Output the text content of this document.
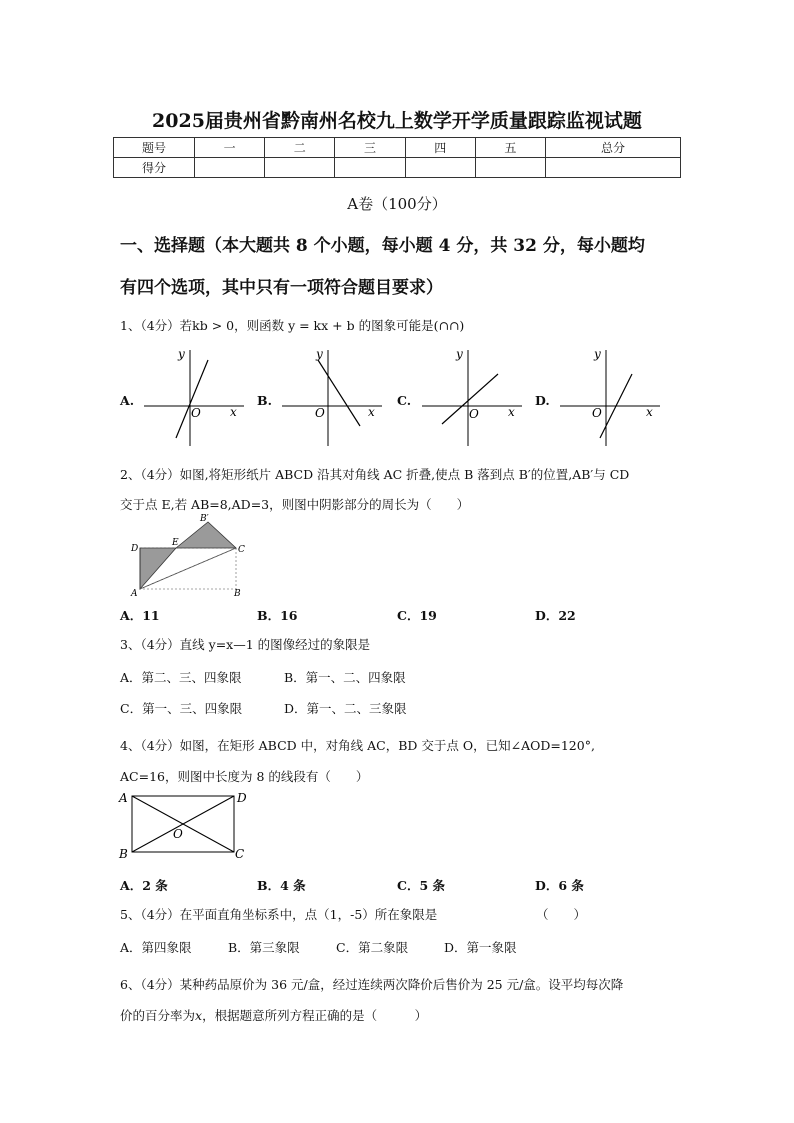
2025届贵州省黔南州名校九上数学开学质量跟踪监视试题
题号	一	二	三	四	五	总分
得分						
A卷（100分）
一、选择题（本大题共 8 个小题，每小题 4 分，共 32 分，每小题均
有四个选项，其中只有一项符合题目要求）
1、（4分）若kb > 0，则函数 y = kx + b 的图象可能是(∩∩)
A.	B.	C.	D.
y
x
O
y
x
O
y
x
O
y
x
O
2、（4分）如图,将矩形纸片 ABCD 沿其对角线 AC 折叠,使点 B 落到点 B′的位置,AB′与 CD
交于点 E,若 AB=8,AD=3，则图中阴影部分的周长为（　　）
D
E
B′
C
A	B
A．11	B．16	C．19	D．22
3、（4分）直线 y=x—1 的图像经过的象限是
A．第二、三、四象限	B．第一、二、四象限
C．第一、三、四象限	D．第一、二、三象限
4、（4分）如图，在矩形 ABCD 中，对角线 AC，BD 交于点 O，已知∠AOD=120°,
AC=16，则图中长度为 8 的线段有（　　）
A	D
O
B	C
A．2 条	B．4 条	C．5 条	D．6 条
5、（4分）在平面直角坐标系中，点（1，-5）所在象限是	（　　）
A．第四象限	B．第三象限	C．第二象限	D．第一象限
6、（4分）某种药品原价为 36 元/盒，经过连续两次降价后售价为 25 元/盒。设平均每次降
价的百分率为x，根据题意所列方程正确的是（　　　）
